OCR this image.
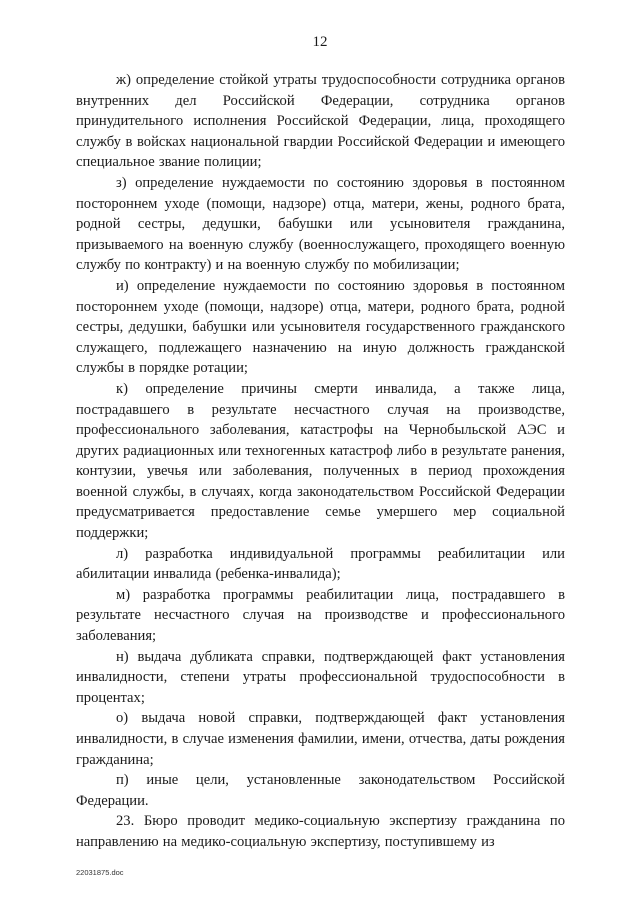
12

ж) определение стойкой утраты трудоспособности сотрудника органов внутренних дел Российской Федерации, сотрудника органов принудительного исполнения Российской Федерации, лица, проходящего службу в войсках национальной гвардии Российской Федерации и имеющего специальное звание полиции;

з) определение нуждаемости по состоянию здоровья в постоянном постороннем уходе (помощи, надзоре) отца, матери, жены, родного брата, родной сестры, дедушки, бабушки или усыновителя гражданина, призываемого на военную службу (военнослужащего, проходящего военную службу по контракту) и на военную службу по мобилизации;

и) определение нуждаемости по состоянию здоровья в постоянном постороннем уходе (помощи, надзоре) отца, матери, родного брата, родной сестры, дедушки, бабушки или усыновителя государственного гражданского служащего, подлежащего назначению на иную должность гражданской службы в порядке ротации;

к) определение причины смерти инвалида, а также лица, пострадавшего в результате несчастного случая на производстве, профессионального заболевания, катастрофы на Чернобыльской АЭС и других радиационных или техногенных катастроф либо в результате ранения, контузии, увечья или заболевания, полученных в период прохождения военной службы, в случаях, когда законодательством Российской Федерации предусматривается предоставление семье умершего мер социальной поддержки;

л) разработка индивидуальной программы реабилитации или абилитации инвалида (ребенка-инвалида);

м) разработка программы реабилитации лица, пострадавшего в результате несчастного случая на производстве и профессионального заболевания;

н) выдача дубликата справки, подтверждающей факт установления инвалидности, степени утраты профессиональной трудоспособности в процентах;

о) выдача новой справки, подтверждающей факт установления инвалидности, в случае изменения фамилии, имени, отчества, даты рождения гражданина;

п) иные цели, установленные законодательством Российской Федерации.

23. Бюро проводит медико-социальную экспертизу гражданина по направлению на медико-социальную экспертизу, поступившему из

22031875.doc
